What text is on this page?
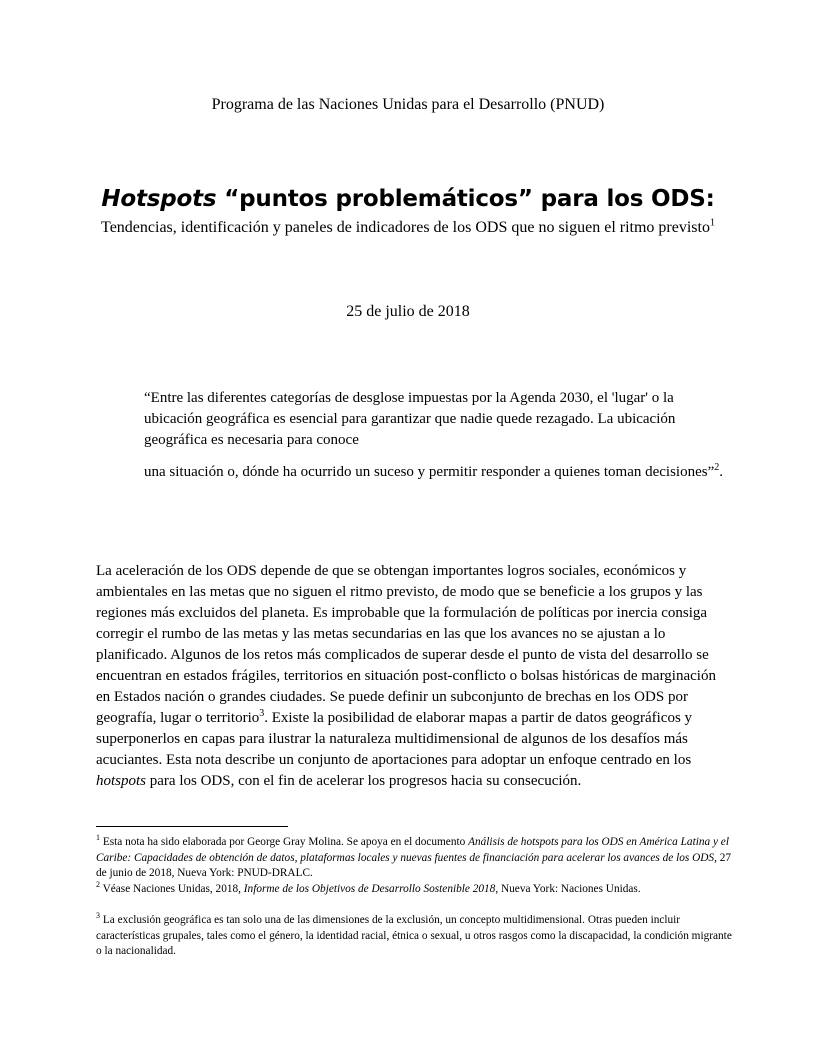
Programa de las Naciones Unidas para el Desarrollo (PNUD)
Hotspots “puntos problemáticos” para los ODS:
Tendencias, identificación y paneles de indicadores de los ODS que no siguen el ritmo previsto$^1$
25 de julio de 2018
“Entre las diferentes categorías de desglose impuestas por la Agenda 2030, el 'lugar' o la ubicación geográfica es esencial para garantizar que nadie quede rezagado. La ubicación geográfica es necesaria para conoce
una situación o, dónde ha ocurrido un suceso y permitir responder a quienes toman decisiones”$^2$.
La aceleración de los ODS depende de que se obtengan importantes logros sociales, económicos y ambientales en las metas que no siguen el ritmo previsto, de modo que se beneficie a los grupos y las regiones más excluidos del planeta. Es improbable que la formulación de políticas por inercia consiga corregir el rumbo de las metas y las metas secundarias en las que los avances no se ajustan a lo planificado. Algunos de los retos más complicados de superar desde el punto de vista del desarrollo se encuentran en estados frágiles, territorios en situación post-conflicto o bolsas históricas de marginación en Estados nación o grandes ciudades. Se puede definir un subconjunto de brechas en los ODS por geografía, lugar o territorio$^3$. Existe la posibilidad de elaborar mapas a partir de datos geográficos y superponerlos en capas para ilustrar la naturaleza multidimensional de algunos de los desafíos más acuciantes. Esta nota describe un conjunto de aportaciones para adoptar un enfoque centrado en los hotspots para los ODS, con el fin de acelerar los progresos hacia su consecución.
$^1$ Esta nota ha sido elaborada por George Gray Molina. Se apoya en el documento Análisis de hotspots para los ODS en América Latina y el Caribe: Capacidades de obtención de datos, plataformas locales y nuevas fuentes de financiación para acelerar los avances de los ODS, 27 de junio de 2018, Nueva York: PNUD-DRALC.
$^2$ Véase Naciones Unidas, 2018, Informe de los Objetivos de Desarrollo Sostenible 2018, Nueva York: Naciones Unidas.
$^3$ La exclusión geográfica es tan solo una de las dimensiones de la exclusión, un concepto multidimensional. Otras pueden incluir características grupales, tales como el género, la identidad racial, étnica o sexual, u otros rasgos como la discapacidad, la condición migrante o la nacionalidad.
